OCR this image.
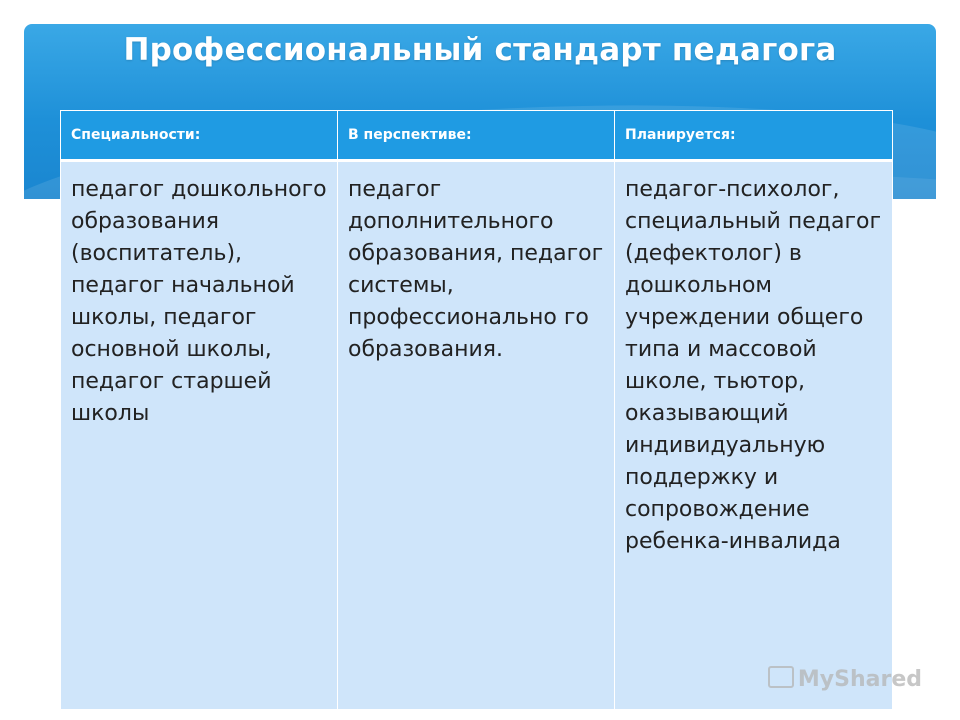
Профессиональный стандарт педагога
Специальности:	В перспективе:	Планируется:
педагог дошкольного образования (воспитатель), педагог начальной школы, педагог основной школы, педагог старшей школы	педагог дополнительного образования, педагог системы, профессионально го образования.	педагог-психолог, специальный педагог (дефектолог) в дошкольном учреждении общего типа и массовой школе, тьютор, оказывающий индивидуальную поддержку и сопровождение ребенка-инвалида
MyShared
